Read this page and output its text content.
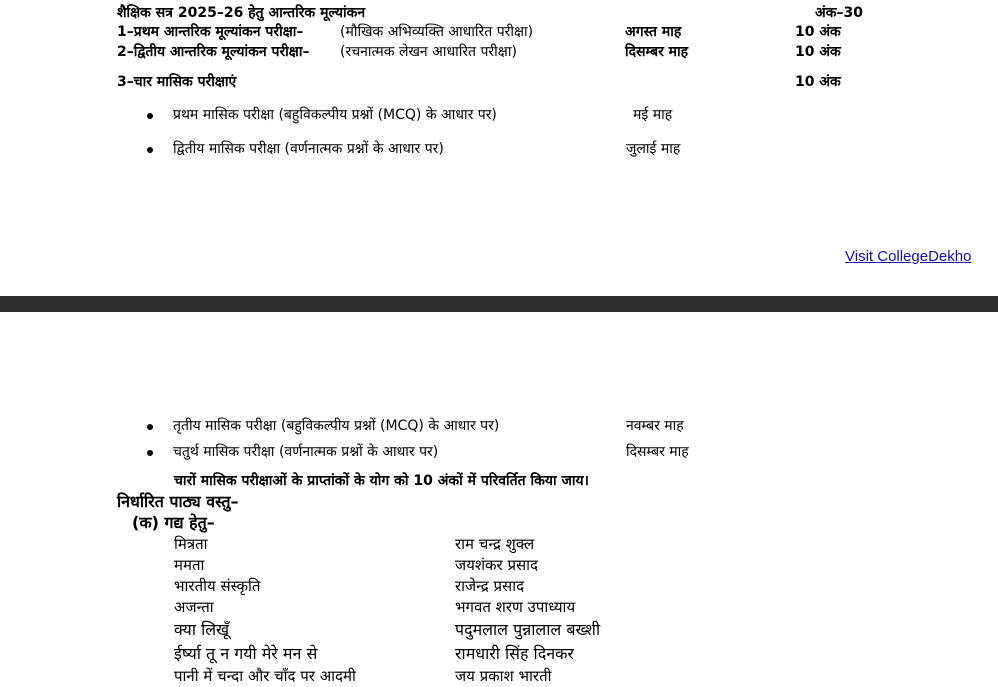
शैक्षिक सत्र 2025–26 हेतु आन्तरिक मूल्यांकन	अंक–30
1–प्रथम आन्तरिक मूल्यांकन परीक्षा–	(मौखिक अभिव्यक्ति आधारित परीक्षा)	अगस्त माह	10 अंक
2–द्वितीय आन्तरिक मूल्यांकन परीक्षा– (रचनात्मक लेखन आधारित परीक्षा)	दिसम्बर माह	10 अंक
3–चार मासिक परीक्षाएं	10 अंक
प्रथम मासिक परीक्षा (बहुविकल्पीय प्रश्नों (MCQ) के आधार पर)	मई माह
द्वितीय मासिक परीक्षा (वर्णनात्मक प्रश्नों के आधार पर)	जुलाई माह
Visit CollegeDekho
तृतीय मासिक परीक्षा (बहुविकल्पीय प्रश्नों (MCQ) के आधार पर)	नवम्बर माह
चतुर्थ मासिक परीक्षा (वर्णनात्मक प्रश्नों के आधार पर)	दिसम्बर माह
चारों मासिक परीक्षाओं के प्राप्तांकों के योग को 10 अंकों में परिवर्तित किया जाय।
निर्धारित पाठ्य वस्तु–
(क) गद्य हेतु–
मित्रता	राम चन्द्र शुक्ल
ममता	जयशंकर प्रसाद
भारतीय संस्कृति	राजेन्द्र प्रसाद
अजन्ता	भगवत शरण उपाध्याय
क्या लिखूँ	पदुमलाल पुन्नालाल बख्शी
ईर्ष्या तू न गयी मेरे मन से	रामधारी सिंह दिनकर
पानी में चन्दा और चाँद पर आदमी	जय प्रकाश भारती
